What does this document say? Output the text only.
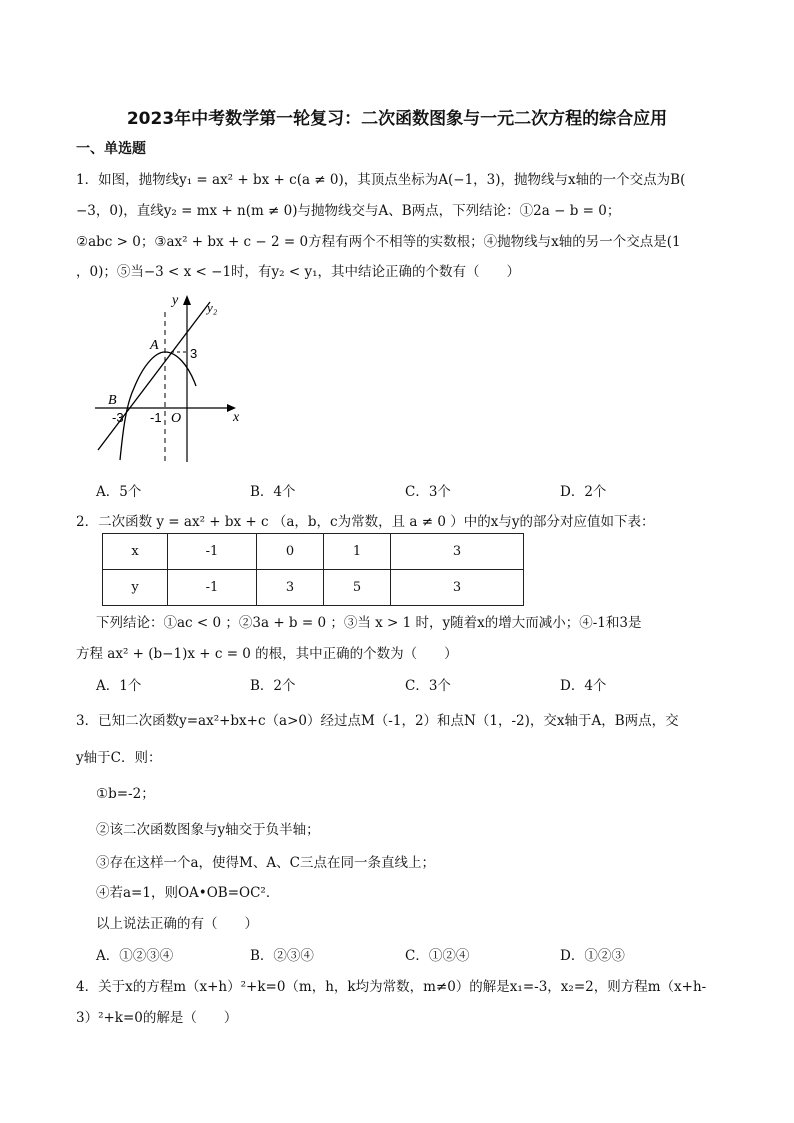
2023年中考数学第一轮复习：二次函数图象与一元二次方程的综合应用
一、单选题
1．如图，抛物线y₁ = ax² + bx + c(a ≠ 0)，其顶点坐标为A(−1，3)，抛物线与x轴的一个交点为B(
−3，0)，直线y₂ = mx + n(m ≠ 0)与抛物线交与A、B两点，下列结论：①2a − b = 0；
②abc > 0；③ax² + bx + c − 2 = 0方程有两个不相等的实数根；④抛物线与x轴的另一个交点是(1
，0)；⑤当−3 < x < −1时，有y₂ < y₁，其中结论正确的个数有（　　）
y
x
y₂
A
B
3
-3 -1 O
A．5个	B．4个	C．3个	D．2个
2．二次函数 y = ax² + bx + c （a，b，c为常数，且 a ≠ 0 ）中的x与y的部分对应值如下表：
x	-1	0	1	3
y	-1	3	5	3
下列结论：①ac < 0 ；②3a + b = 0 ；③当 x > 1 时，y随着x的增大而减小；④-1和3是
方程 ax² + (b−1)x + c = 0 的根，其中正确的个数为（　　）
A．1个	B．2个	C．3个	D．4个
3．已知二次函数y=ax²+bx+c（a>0）经过点M（-1，2）和点N（1，-2)，交x轴于A，B两点，交
y轴于C．则：
①b=-2；
②该二次函数图象与y轴交于负半轴；
③存在这样一个a，使得M、A、C三点在同一条直线上；
④若a=1，则OA•OB=OC²．
以上说法正确的有（　　）
A．①②③④	B．②③④	C．①②④	D．①②③
4．关于x的方程m（x+h）²+k=0（m，h，k均为常数，m≠0）的解是x₁=-3，x₂=2，则方程m（x+h-
3）²+k=0的解是（　　）
